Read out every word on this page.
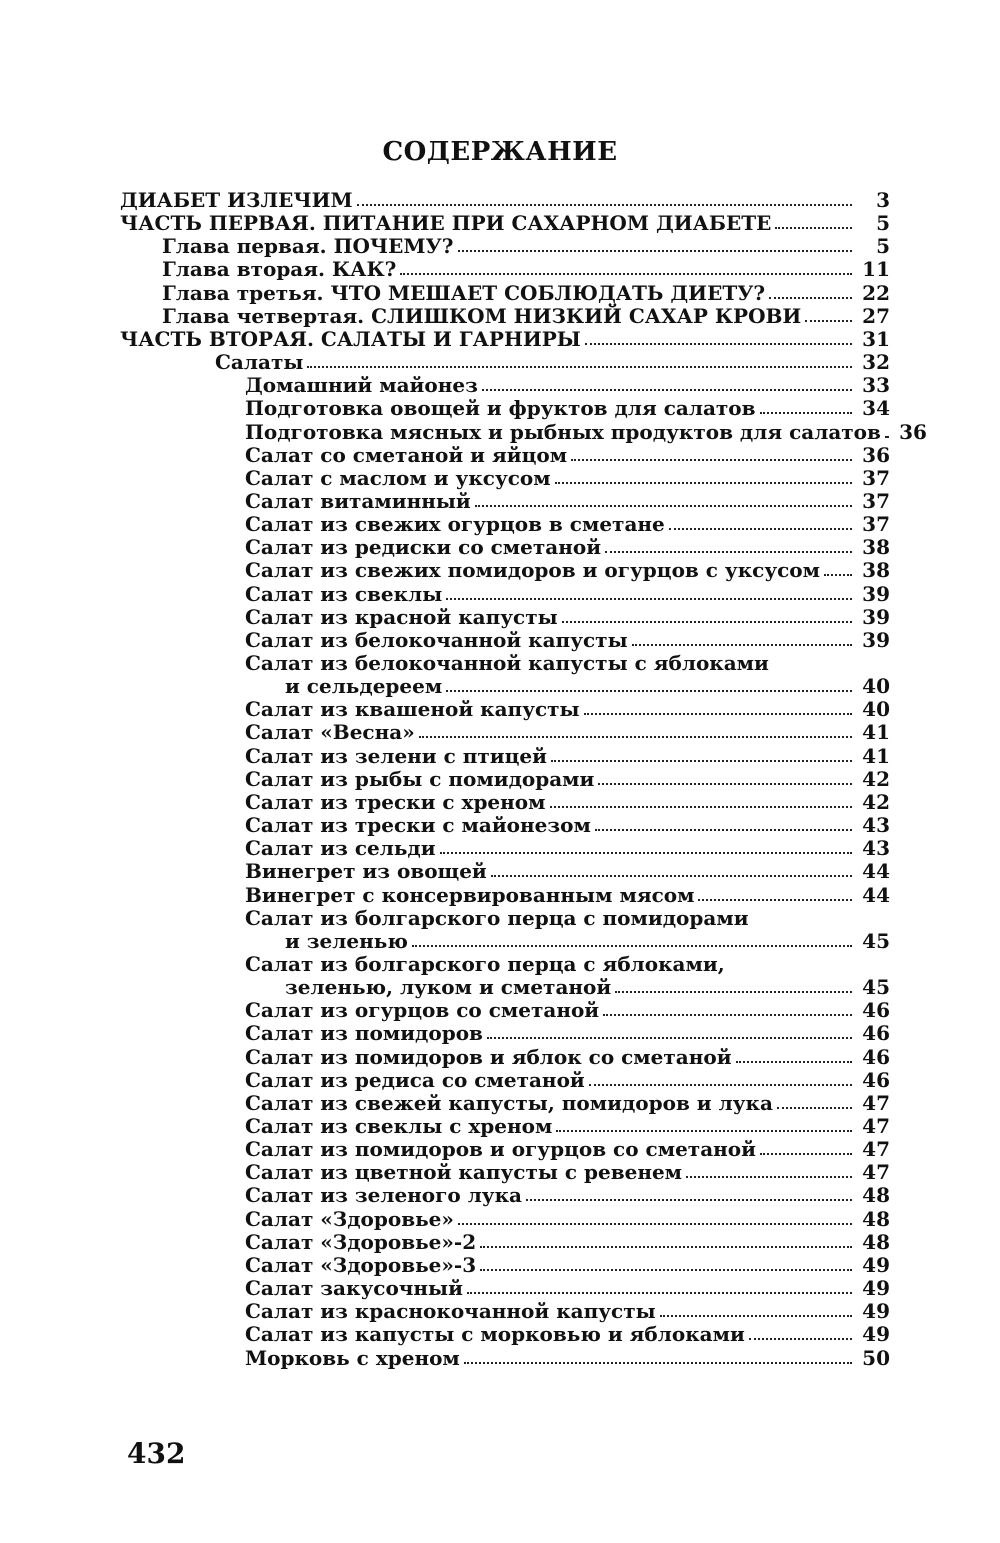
СОДЕРЖАНИЕ
ДИАБЕТ ИЗЛЕЧИМ	3
ЧАСТЬ ПЕРВАЯ. ПИТАНИЕ ПРИ САХАРНОМ ДИАБЕТЕ	5
Глава первая. ПОЧЕМУ?	5
Глава вторая. КАК?	11
Глава третья. ЧТО МЕШАЕТ СОБЛЮДАТЬ ДИЕТУ?	22
Глава четвертая. СЛИШКОМ НИЗКИЙ САХАР КРОВИ	27
ЧАСТЬ ВТОРАЯ. САЛАТЫ И ГАРНИРЫ	31
Салаты	32
Домашний майонез	33
Подготовка овощей и фруктов для салатов	34
Подготовка мясных и рыбных продуктов для салатов 36
Салат со сметаной и яйцом	36
Салат с маслом и уксусом	37
Салат витаминный	37
Салат из свежих огурцов в сметане	37
Салат из редиски со сметаной	38
Салат из свежих помидоров и огурцов с уксусом 38
Салат из свеклы	39
Салат из красной капусты	39
Салат из белокочанной капусты	39
Салат из белокочанной капусты с яблоками
и сельдереем	40
Салат из квашеной капусты	40
Салат «Весна»	41
Салат из зелени с птицей	41
Салат из рыбы с помидорами	42
Салат из трески с хреном	42
Салат из трески с майонезом	43
Салат из сельди	43
Винегрет из овощей	44
Винегрет с консервированным мясом	44
Салат из болгарского перца с помидорами
и зеленью	45
Салат из болгарского перца с яблоками,
зеленью, луком и сметаной	45
Салат из огурцов со сметаной	46
Салат из помидоров	46
Салат из помидоров и яблок со сметаной	46
Салат из редиса со сметаной	46
Салат из свежей капусты, помидоров и лука	47
Салат из свеклы с хреном	47
Салат из помидоров и огурцов со сметаной	47
Салат из цветной капусты с ревенем	47
Салат из зеленого лука	48
Салат «Здоровье»	48
Салат «Здоровье»-2	48
Салат «Здоровье»-3	49
Салат закусочный	49
Салат из краснокочанной капусты	49
Салат из капусты с морковью и яблоками	49
Морковь с хреном	50
432
